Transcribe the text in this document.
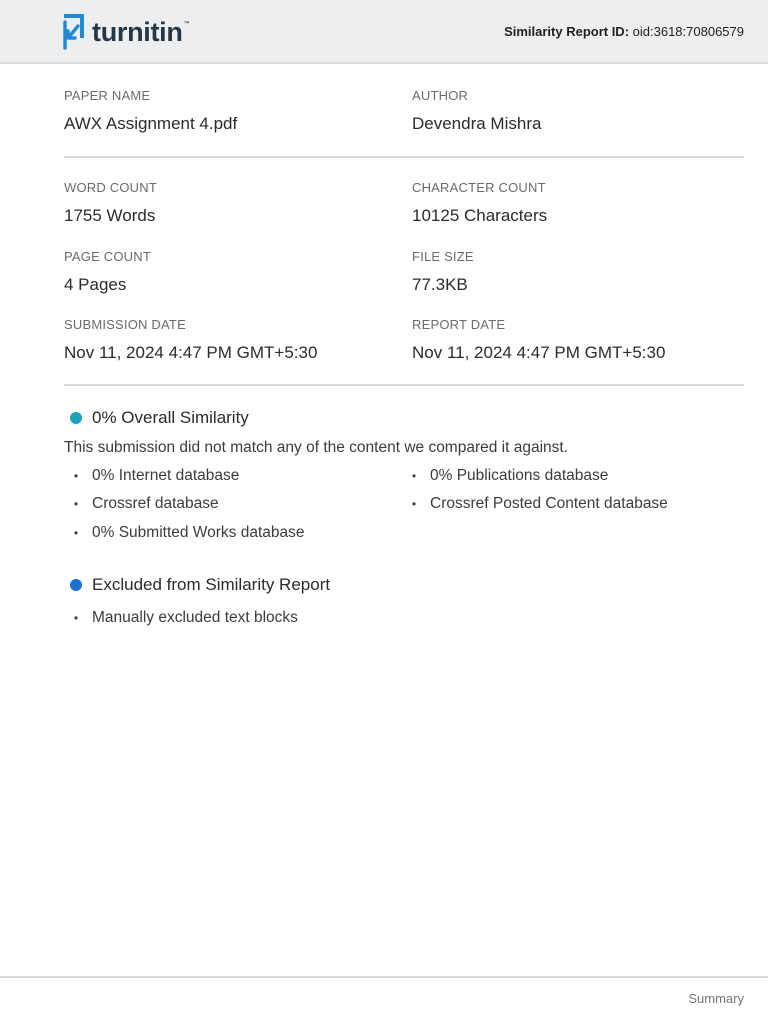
turnitin ™	Similarity Report ID: oid:3618:70806579
PAPER NAME
AWX Assignment 4.pdf
AUTHOR
Devendra Mishra
WORD COUNT
1755 Words
CHARACTER COUNT
10125 Characters
PAGE COUNT
4 Pages
FILE SIZE
77.3KB
SUBMISSION DATE
Nov 11, 2024 4:47 PM GMT+5:30
REPORT DATE
Nov 11, 2024 4:47 PM GMT+5:30
0% Overall Similarity
This submission did not match any of the content we compared it against.
• 0% Internet database
• Crossref database
• 0% Submitted Works database
• 0% Publications database
• Crossref Posted Content database
Excluded from Similarity Report
• Manually excluded text blocks
Summary
